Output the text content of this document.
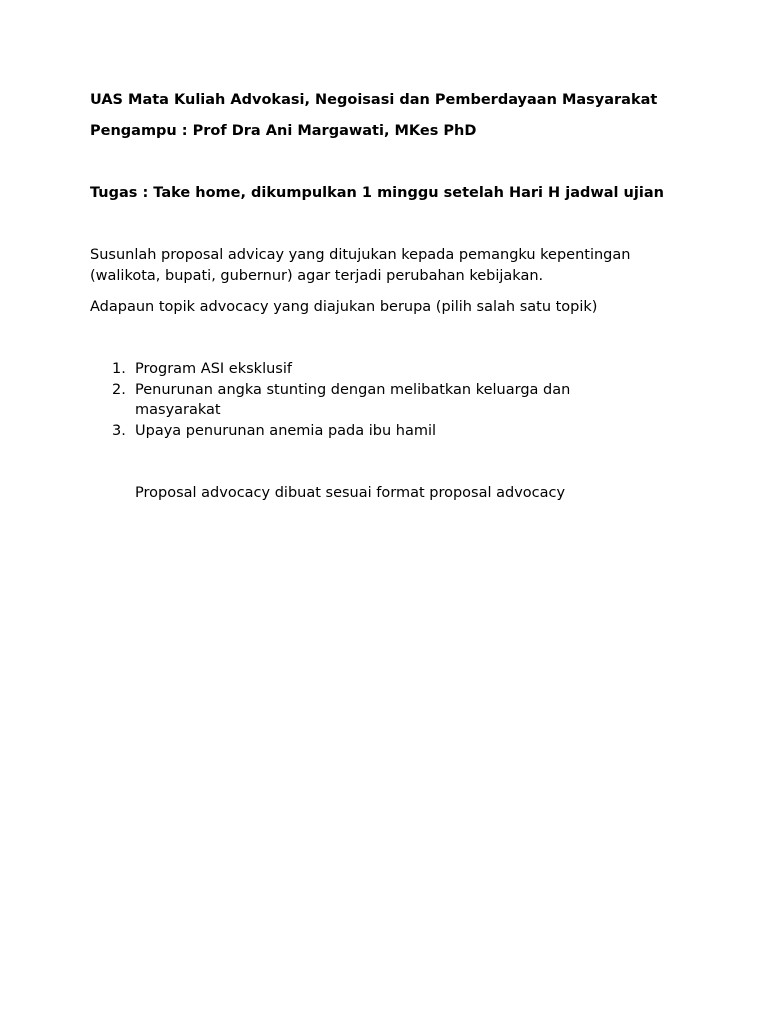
UAS Mata Kuliah Advokasi, Negoisasi dan Pemberdayaan Masyarakat

Pengampu : Prof Dra Ani Margawati, MKes PhD

Tugas : Take home, dikumpulkan 1 minggu setelah Hari H jadwal ujian

Susunlah proposal advicay yang ditujukan kepada pemangku kepentingan (walikota, bupati, gubernur) agar terjadi perubahan kebijakan.

Adapaun topik advocacy yang diajukan berupa (pilih salah satu topik)

1. Program ASI eksklusif
2. Penurunan angka stunting dengan melibatkan keluarga dan masyarakat
3. Upaya penurunan anemia pada ibu hamil

Proposal advocacy dibuat sesuai format proposal advocacy
